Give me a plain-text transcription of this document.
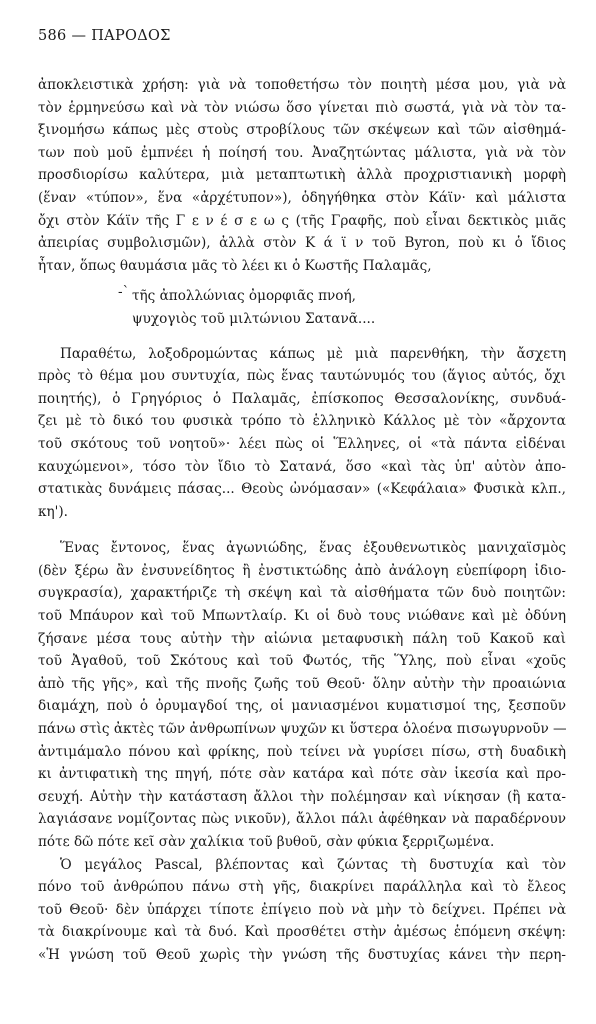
586 — ΠΑΡΟΔΟΣ
ἀποκλειστικὰ χρήση: γιὰ νὰ τοποθετήσω τὸν ποιητὴ μέσα μου, γιὰ νὰ
τὸν ἑρμηνεύσω καὶ νὰ τὸν νιώσω ὅσο γίνεται πιὸ σωστά, γιὰ νὰ τὸν τα-
ξινομήσω κάπως μὲς στοὺς στροβίλους τῶν σκέψεων καὶ τῶν αἰσθημά-
των ποὺ μοῦ ἐμπνέει ἡ ποίησή του. Ἀναζητώντας μάλιστα, γιὰ νὰ τὸν
προσδιορίσω καλύτερα, μιὰ μεταπτωτικὴ ἀλλὰ προχριστιανικὴ μορφὴ
(ἕναν «τύπον», ἕνα «ἀρχέτυπον»), ὁδηγήθηκα στὸν Κάϊν· καὶ μάλιστα
ὄχι στὸν Κάϊν τῆς Γ ε ν έ σ ε ω ς (τῆς Γραφῆς, ποὺ εἶναι δεκτικὸς μιᾶς
ἀπειρίας συμβολισμῶν), ἀλλὰ στὸν Κ ά ϊ ν τοῦ Byron, ποὺ κι ὁ ἴδιος
ἦταν, ὅπως θαυμάσια μᾶς τὸ λέει κι ὁ Κωστῆς Παλαμᾶς,
-` τῆς ἀπολλώνιας ὀμορφιᾶς πνοή,
ψυχογιὸς τοῦ μιλτώνιου Σατανᾶ....
Παραθέτω, λοξοδρομώντας κάπως μὲ μιὰ παρενθήκη, τὴν ἄσχετη
πρὸς τὸ θέμα μου συντυχία, πὼς ἕνας ταυτώνυμός του (ἅγιος αὐτός, ὄχι
ποιητής), ὁ Γρηγόριος ὁ Παλαμᾶς, ἐπίσκοπος Θεσσαλονίκης, συνδυά-
ζει μὲ τὸ δικό του φυσικὰ τρόπο τὸ ἑλληνικὸ Κάλλος μὲ τὸν «ἄρχοντα
τοῦ σκότους τοῦ νοητοῦ»· λέει πὼς οἱ Ἕλληνες, οἱ «τὰ πάντα εἰδέναι
καυχώμενοι», τόσο τὸν ἴδιο τὸ Σατανά, ὅσο «καὶ τὰς ὑπ' αὐτὸν ἀπο-
στατικὰς δυνάμεις πάσας... Θεοὺς ὠνόμασαν» («Κεφάλαια» Φυσικὰ κλπ.,
κη').
Ἕνας ἔντονος, ἕνας ἀγωνιώδης, ἕνας ἐξουθενωτικὸς μανιχαϊσμὸς
(δὲν ξέρω ἂν ἐνσυνείδητος ἢ ἐνστικτώδης ἀπὸ ἀνάλογη εὐεπίφορη ἰδιο-
συγκρασία), χαρακτήριζε τὴ σκέψη καὶ τὰ αἰσθήματα τῶν δυὸ ποιητῶν:
τοῦ Μπάυρον καὶ τοῦ Μπωντλαίρ. Κι οἱ δυὸ τους νιώθανε καὶ μὲ ὀδύνη
ζήσανε μέσα τους αὐτὴν τὴν αἰώνια μεταφυσικὴ πάλη τοῦ Κακοῦ καὶ
τοῦ Ἀγαθοῦ, τοῦ Σκότους καὶ τοῦ Φωτός, τῆς Ὕλης, ποὺ εἶναι «χοῦς
ἀπὸ τῆς γῆς», καὶ τῆς πνοῆς ζωῆς τοῦ Θεοῦ· ὅλην αὐτὴν τὴν προαιώνια
διαμάχη, ποὺ ὁ ὀρυμαγδοί της, οἱ μανιασμένοι κυματισμοί της, ξεσποῦν
πάνω στὶς ἀκτὲς τῶν ἀνθρωπίνων ψυχῶν κι ὕστερα ὁλοένα πισωγυρνοῦν —
ἀντιμάμαλο πόνου καὶ φρίκης, ποὺ τείνει νὰ γυρίσει πίσω, στὴ δυαδικὴ
κι ἀντιφατικὴ της πηγή, πότε σὰν κατάρα καὶ πότε σὰν ἱκεσία καὶ προ-
σευχή. Αὐτὴν τὴν κατάσταση ἄλλοι τὴν πολέμησαν καὶ νίκησαν (ἢ κατα-
λαγιάσανε νομίζοντας πὼς νικοῦν), ἄλλοι πάλι ἀφέθηκαν νὰ παραδέρνουν
πότε δῶ πότε κεῖ σὰν χαλίκια τοῦ βυθοῦ, σὰν φύκια ξερριζωμένα.
Ὁ μεγάλος Pascal, βλέποντας καὶ ζώντας τὴ δυστυχία καὶ τὸν
πόνο τοῦ ἀνθρώπου πάνω στὴ γῆς, διακρίνει παράλληλα καὶ τὸ ἔλεος
τοῦ Θεοῦ· δὲν ὑπάρχει τίποτε ἐπίγειο ποὺ νὰ μὴν τὸ δείχνει. Πρέπει νὰ
τὰ διακρίνουμε καὶ τὰ δυό. Καὶ προσθέτει στὴν ἀμέσως ἑπόμενη σκέψη:
«Ἡ γνώση τοῦ Θεοῦ χωρὶς τὴν γνώση τῆς δυστυχίας κάνει τὴν περη-
